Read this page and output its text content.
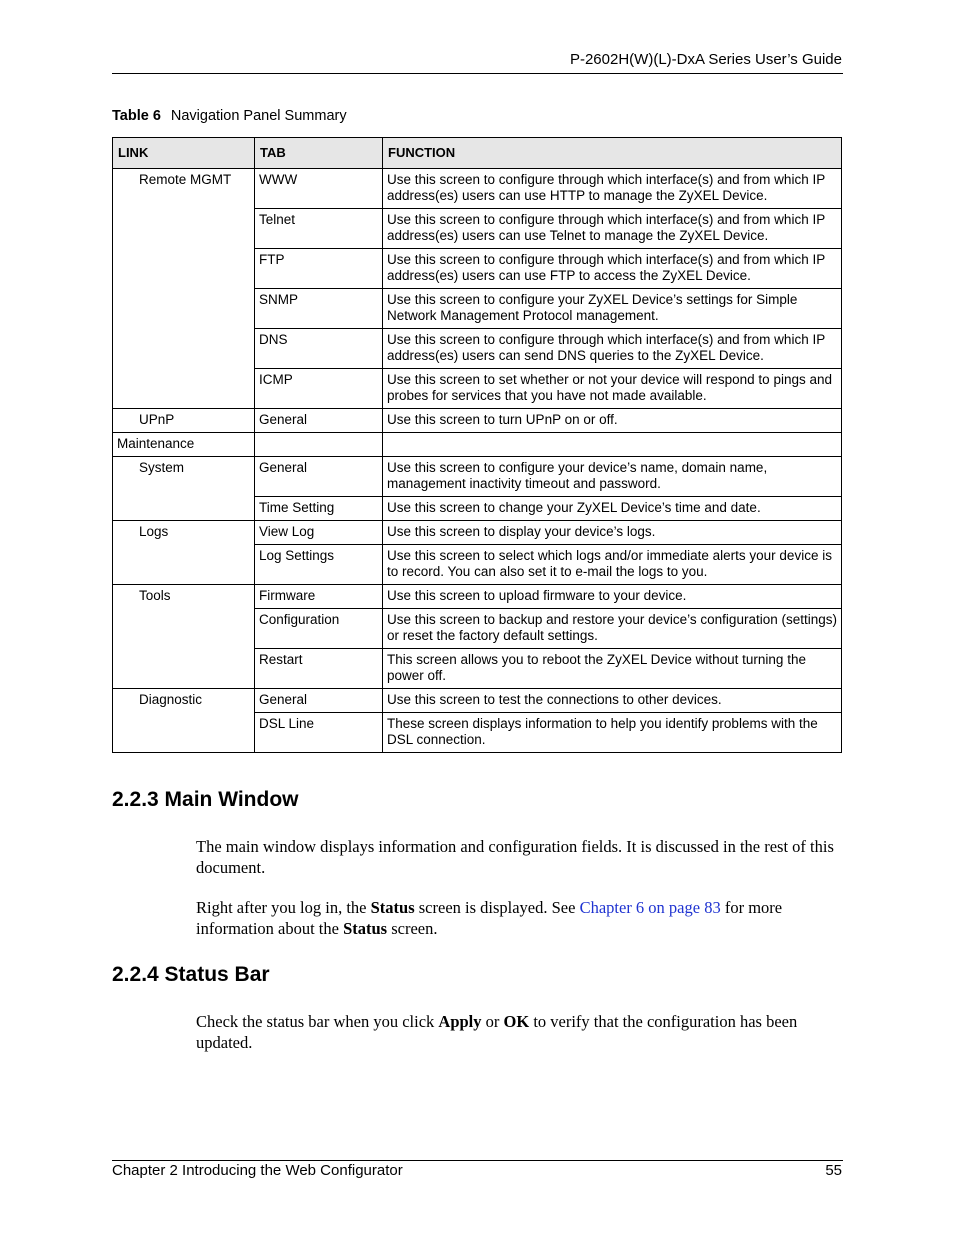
P-2602H(W)(L)-DxA Series User’s Guide
Table 6 Navigation Panel Summary
LINK	TAB	FUNCTION
Remote MGMT	WWW	Use this screen to configure through which interface(s) and from which IP address(es) users can use HTTP to manage the ZyXEL Device.
	Telnet	Use this screen to configure through which interface(s) and from which IP address(es) users can use Telnet to manage the ZyXEL Device.
	FTP	Use this screen to configure through which interface(s) and from which IP address(es) users can use FTP to access the ZyXEL Device.
	SNMP	Use this screen to configure your ZyXEL Device’s settings for Simple Network Management Protocol management.
	DNS	Use this screen to configure through which interface(s) and from which IP address(es) users can send DNS queries to the ZyXEL Device.
	ICMP	Use this screen to set whether or not your device will respond to pings and probes for services that you have not made available.
UPnP	General	Use this screen to turn UPnP on or off.
Maintenance		
System	General	Use this screen to configure your device’s name, domain name, management inactivity timeout and password.
	Time Setting	Use this screen to change your ZyXEL Device’s time and date.
Logs	View Log	Use this screen to display your device’s logs.
	Log Settings	Use this screen to select which logs and/or immediate alerts your device is to record. You can also set it to e-mail the logs to you.
Tools	Firmware	Use this screen to upload firmware to your device.
	Configuration	Use this screen to backup and restore your device’s configuration (settings) or reset the factory default settings.
	Restart	This screen allows you to reboot the ZyXEL Device without turning the power off.
Diagnostic	General	Use this screen to test the connections to other devices.
	DSL Line	These screen displays information to help you identify problems with the DSL connection.
2.2.3 Main Window

The main window displays information and configuration fields. It is discussed in the rest of this document.

Right after you log in, the Status screen is displayed. See Chapter 6 on page 83 for more information about the Status screen.

2.2.4 Status Bar

Check the status bar when you click Apply or OK to verify that the configuration has been updated.

Chapter 2 Introducing the Web Configurator	55
